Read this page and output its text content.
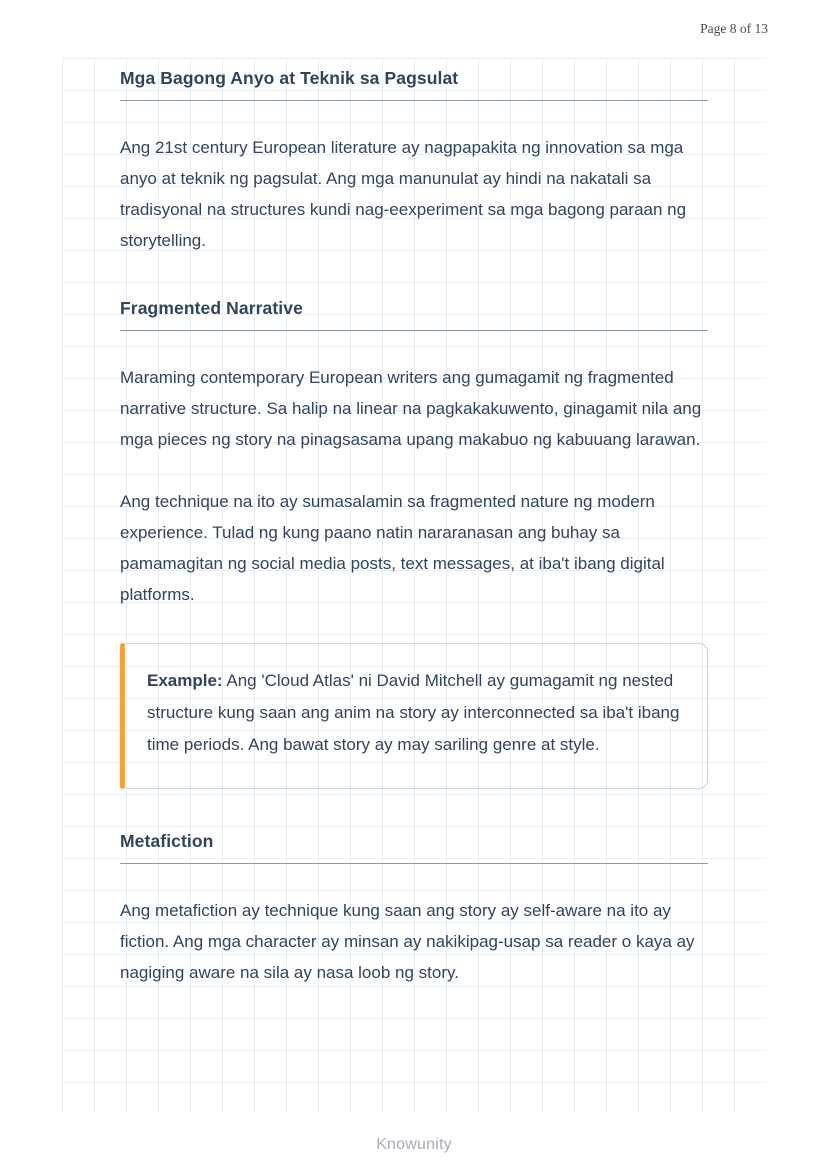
Page 8 of 13
Mga Bagong Anyo at Teknik sa Pagsulat

Ang 21st century European literature ay nagpapakita ng innovation sa mga anyo at teknik ng pagsulat. Ang mga manunulat ay hindi na nakatali sa tradisyonal na structures kundi nag-eexperiment sa mga bagong paraan ng storytelling.

Fragmented Narrative

Maraming contemporary European writers ang gumagamit ng fragmented narrative structure. Sa halip na linear na pagkakakuwento, ginagamit nila ang mga pieces ng story na pinagsasama upang makabuo ng kabuuang larawan.

Ang technique na ito ay sumasalamin sa fragmented nature ng modern experience. Tulad ng kung paano natin nararanasan ang buhay sa pamamagitan ng social media posts, text messages, at iba't ibang digital platforms.

Example: Ang 'Cloud Atlas' ni David Mitchell ay gumagamit ng nested structure kung saan ang anim na story ay interconnected sa iba't ibang time periods. Ang bawat story ay may sariling genre at style.

Metafiction

Ang metafiction ay technique kung saan ang story ay self-aware na ito ay fiction. Ang mga character ay minsan ay nakikipag-usap sa reader o kaya ay nagiging aware na sila ay nasa loob ng story.

Knowunity
